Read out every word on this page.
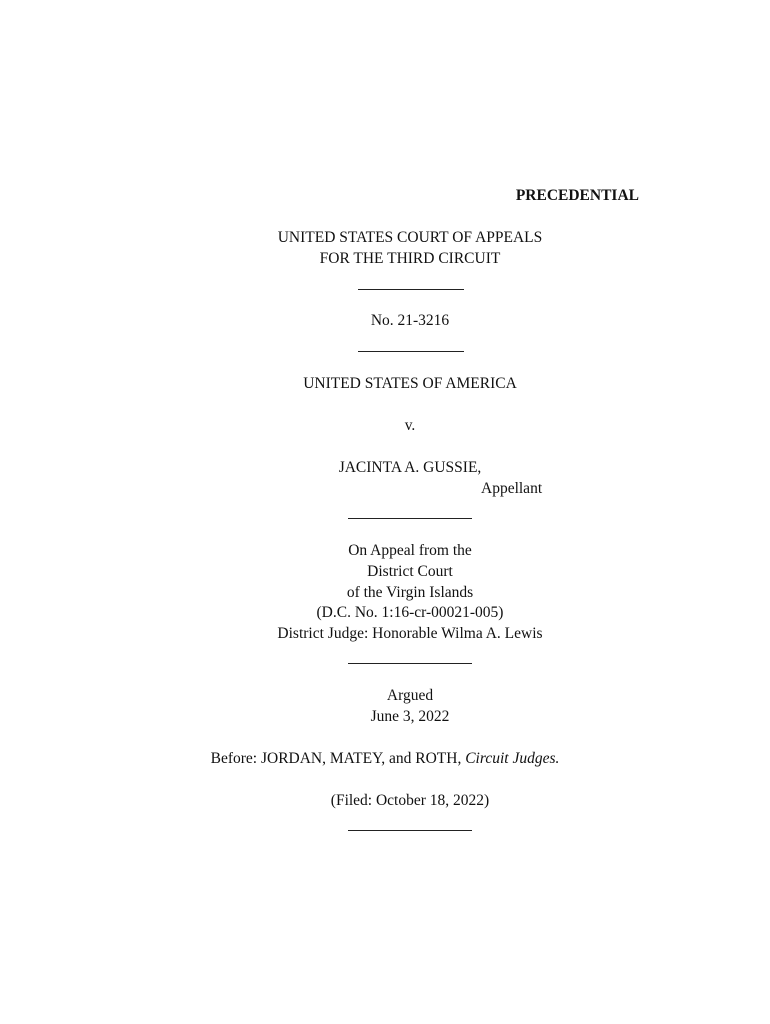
PRECEDENTIAL
UNITED STATES COURT OF APPEALS
FOR THE THIRD CIRCUIT
No. 21-3216
UNITED STATES OF AMERICA
v.
JACINTA A. GUSSIE,
Appellant
On Appeal from the
District Court
of the Virgin Islands
(D.C. No. 1:16-cr-00021-005)
District Judge: Honorable Wilma A. Lewis
Argued
June 3, 2022
Before: JORDAN, MATEY, and ROTH, Circuit Judges.
(Filed: October 18, 2022)
